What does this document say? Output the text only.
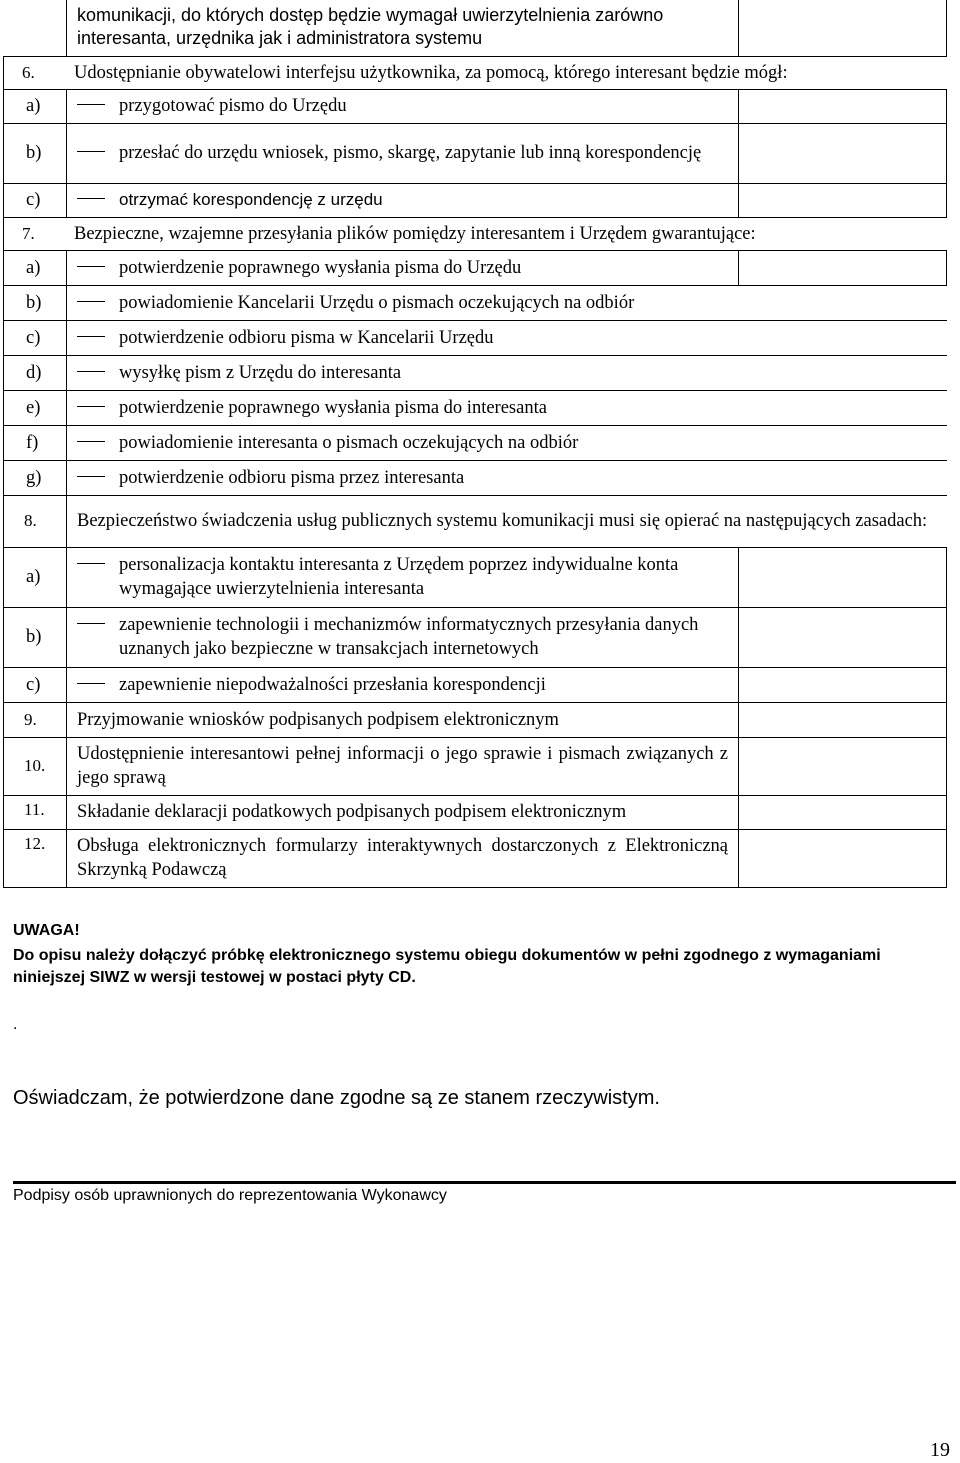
	komunikacji, do których dostęp będzie wymagał uwierzytelnienia zarówno interesanta, urzędnika jak i administratora systemu	

6. Udostępnianie obywatelowi interfejsu użytkownika, za pomocą, którego interesant będzie mógł:		

a)	przygotować pismo do Urzędu	

b)	przesłać do urzędu wniosek, pismo, skargę, zapytanie lub inną korespondencję	

c)	otrzymać korespondencję z urzędu	

7. Bezpieczne, wzajemne przesyłania plików pomiędzy interesantem i Urzędem gwarantujące:		

a)	potwierdzenie poprawnego wysłania pisma do Urzędu	

b)	powiadomienie Kancelarii Urzędu o pismach oczekujących na odbiór	

c)	potwierdzenie odbioru pisma w Kancelarii Urzędu	

d)	wysyłkę pism z Urzędu do interesanta	

e)	potwierdzenie poprawnego wysłania pisma do interesanta	

f)	powiadomienie interesanta o pismach oczekujących na odbiór	

g)	potwierdzenie odbioru pisma przez interesanta	

8.	Bezpieczeństwo świadczenia usług publicznych systemu komunikacji musi się opierać na następujących zasadach:	

a)	personalizacja kontaktu interesanta z Urzędem poprzez indywidualne konta wymagające uwierzytelnienia interesanta	

b)	zapewnienie technologii i mechanizmów informatycznych przesyłania danych uznanych jako bezpieczne w transakcjach internetowych	

c)	zapewnienie niepodważalności przesłania korespondencji	

9.	Przyjmowanie wniosków podpisanych podpisem elektronicznym	

10.	Udostępnienie interesantowi pełnej informacji o jego sprawie i pismach związanych z jego sprawą	

11.	Składanie deklaracji podatkowych podpisanych podpisem elektronicznym	

12.	Obsługa elektronicznych formularzy interaktywnych dostarczonych z Elektroniczną Skrzynką Podawczą	

UWAGA!
Do opisu należy dołączyć próbkę elektronicznego systemu obiegu dokumentów w pełni zgodnego z wymaganiami niniejszej SIWZ w wersji testowej w postaci płyty CD.
.
Oświadczam, że potwierdzone dane zgodne są ze stanem rzeczywistym.
Podpisy osób uprawnionych do reprezentowania Wykonawcy
19
